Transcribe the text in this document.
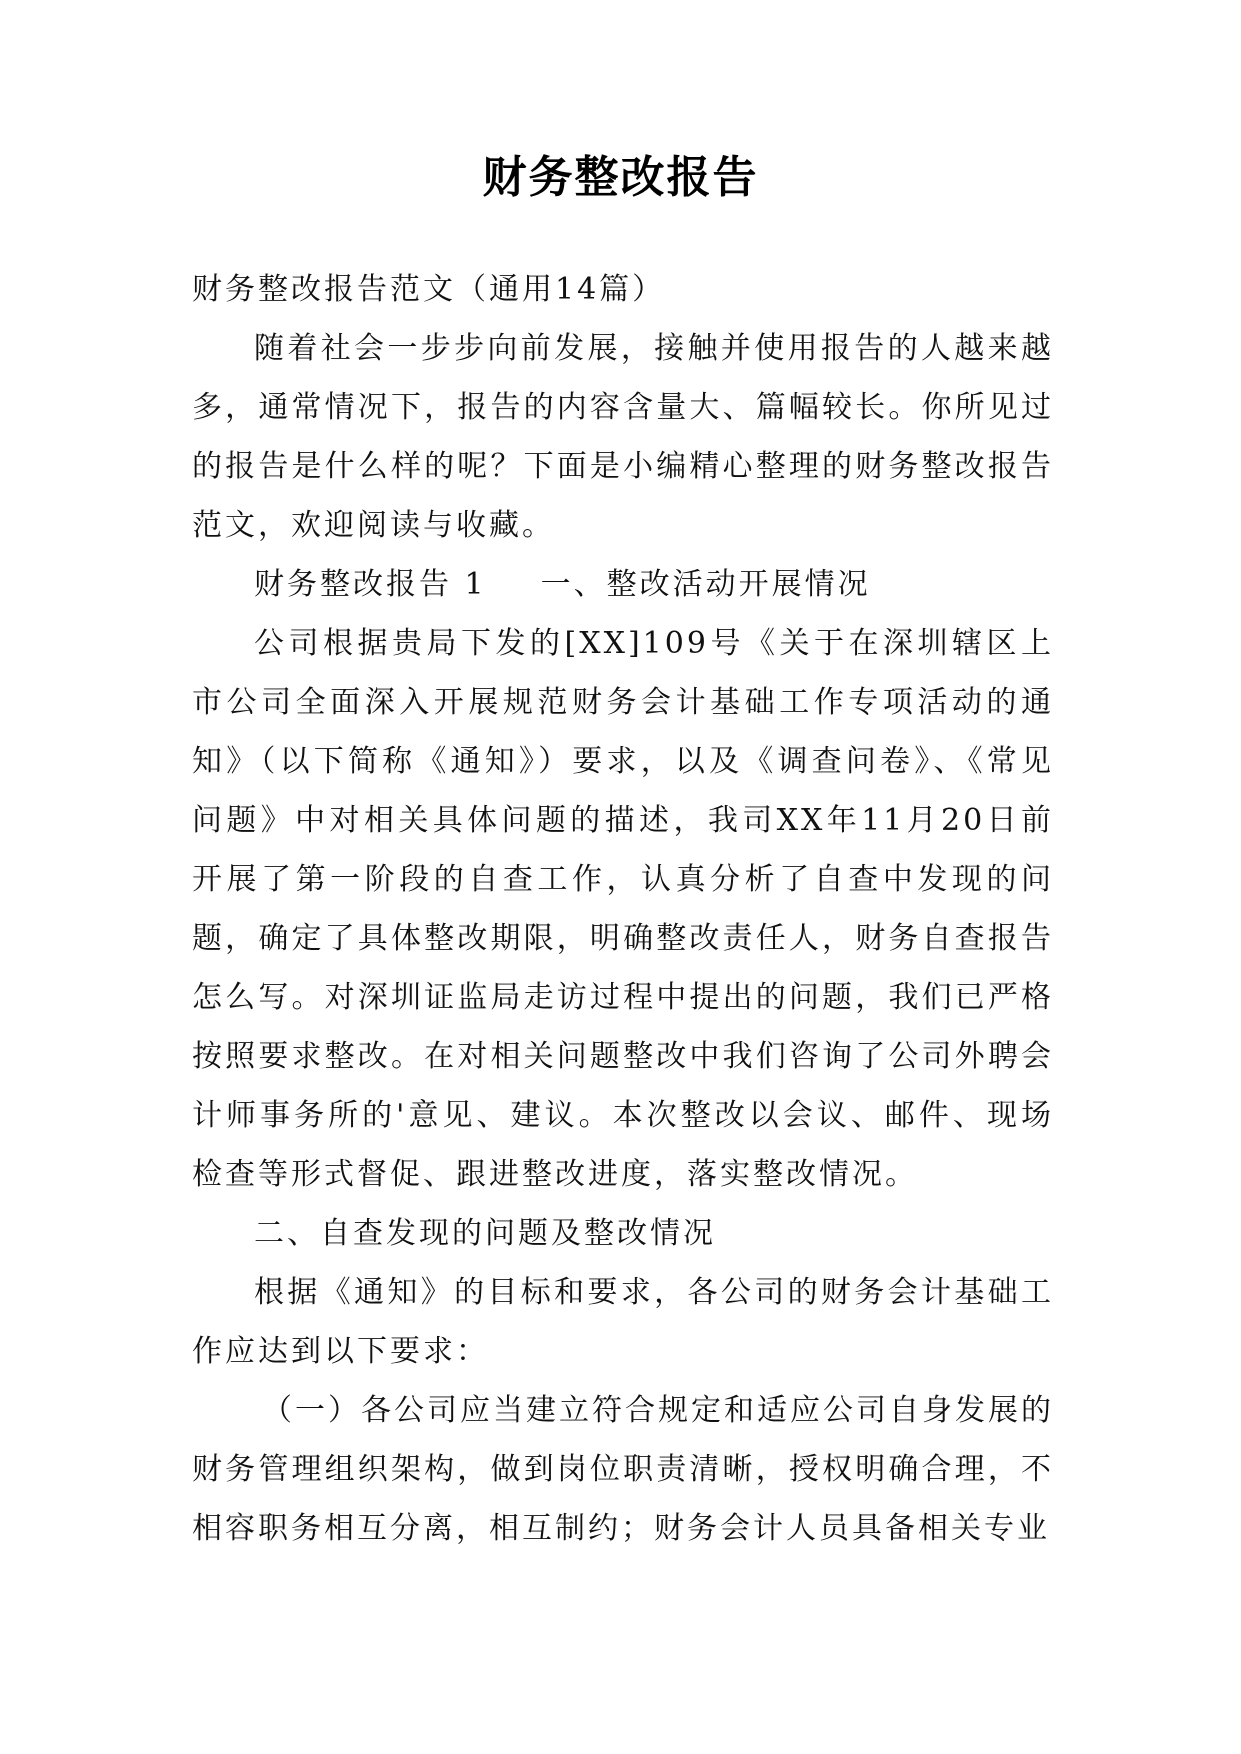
财务整改报告

财务整改报告范文（通用14篇）

随着社会一步步向前发展，接触并使用报告的人越来越多，通常情况下，报告的内容含量大、篇幅较长。你所见过的报告是什么样的呢？下面是小编精心整理的财务整改报告范文，欢迎阅读与收藏。

财务整改报告 1 一、整改活动开展情况

公司根据贵局下发的[XX]109号《关于在深圳辖区上市公司全面深入开展规范财务会计基础工作专项活动的通知》（以下简称《通知》）要求，以及《调查问卷》、《常见问题》中对相关具体问题的描述，我司XX年11月20日前开展了第一阶段的自查工作，认真分析了自查中发现的问题，确定了具体整改期限，明确整改责任人，财务自查报告怎么写。对深圳证监局走访过程中提出的问题，我们已严格按照要求整改。在对相关问题整改中我们咨询了公司外聘会计师事务所的'意见、建议。本次整改以会议、邮件、现场检查等形式督促、跟进整改进度，落实整改情况。

二、自查发现的问题及整改情况

根据《通知》的目标和要求，各公司的财务会计基础工作应达到以下要求：

（一）各公司应当建立符合规定和适应公司自身发展的财务管理组织架构，做到岗位职责清晰，授权明确合理，不相容职务相互分离，相互制约；财务会计人员具备相关专业
